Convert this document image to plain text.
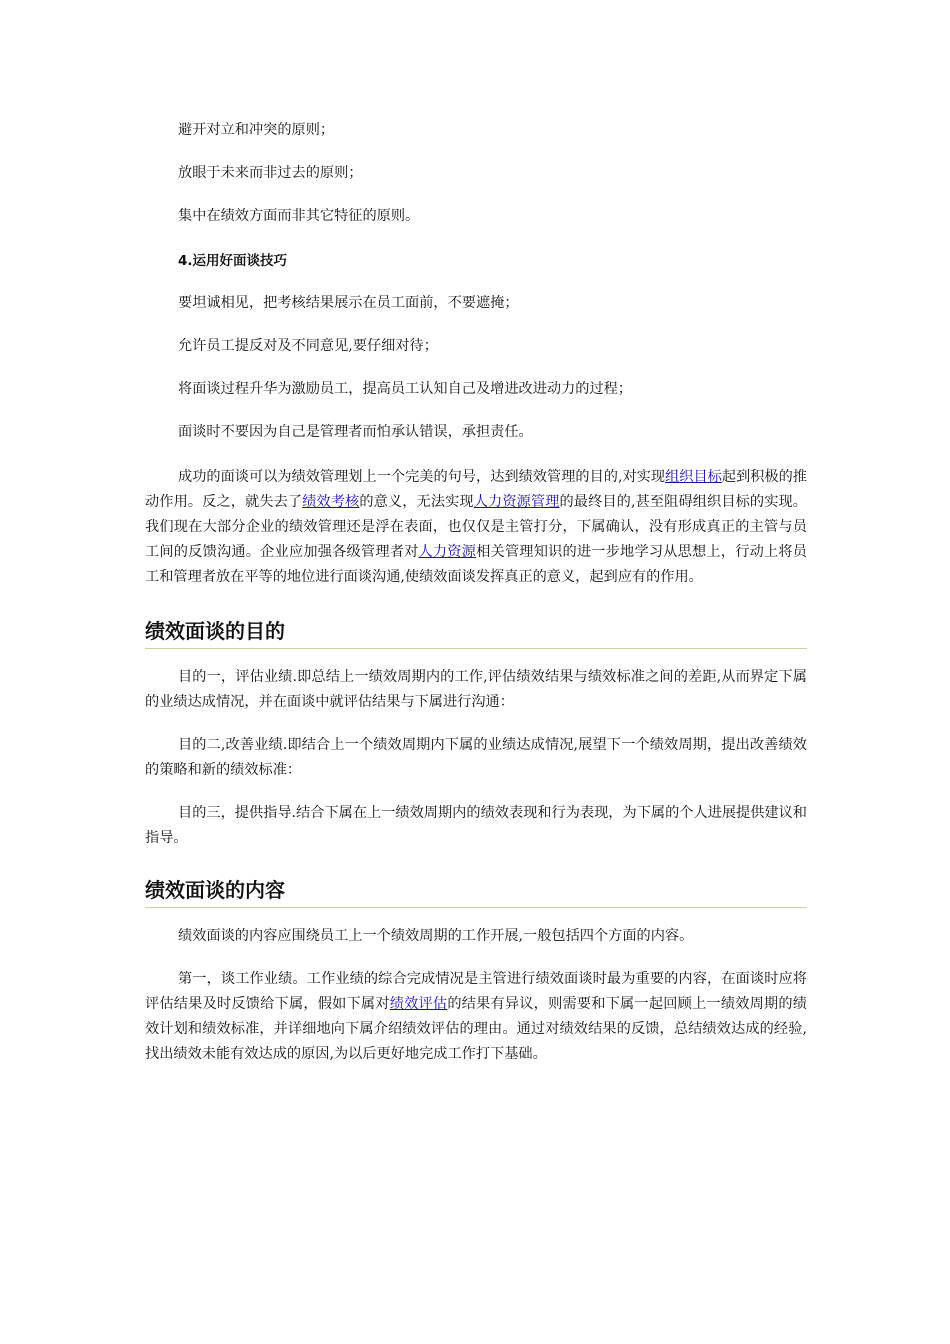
避开对立和冲突的原则；

放眼于未来而非过去的原则；

集中在绩效方面而非其它特征的原则。

4.运用好面谈技巧

要坦诚相见，把考核结果展示在员工面前，不要遮掩；

允许员工提反对及不同意见,要仔细对待；

将面谈过程升华为激励员工，提高员工认知自己及增进改进动力的过程；

面谈时不要因为自己是管理者而怕承认错误，承担责任。

成功的面谈可以为绩效管理划上一个完美的句号，达到绩效管理的目的,对实现组织目标起到积极的推动作用。反之，就失去了绩效考核的意义，无法实现人力资源管理的最终目的,甚至阻碍组织目标的实现。我们现在大部分企业的绩效管理还是浮在表面，也仅仅是主管打分，下属确认，没有形成真正的主管与员工间的反馈沟通。企业应加强各级管理者对人力资源相关管理知识的进一步地学习从思想上，行动上将员工和管理者放在平等的地位进行面谈沟通,使绩效面谈发挥真正的意义，起到应有的作用。

绩效面谈的目的

目的一，评估业绩.即总结上一绩效周期内的工作,评估绩效结果与绩效标准之间的差距,从而界定下属的业绩达成情况，并在面谈中就评估结果与下属进行沟通：

目的二,改善业绩.即结合上一个绩效周期内下属的业绩达成情况,展望下一个绩效周期，提出改善绩效的策略和新的绩效标准：

目的三，提供指导.结合下属在上一绩效周期内的绩效表现和行为表现，为下属的个人进展提供建议和指导。

绩效面谈的内容

绩效面谈的内容应围绕员工上一个绩效周期的工作开展,一般包括四个方面的内容。

第一，谈工作业绩。工作业绩的综合完成情况是主管进行绩效面谈时最为重要的内容，在面谈时应将评估结果及时反馈给下属，假如下属对绩效评估的结果有异议，则需要和下属一起回顾上一绩效周期的绩效计划和绩效标准，并详细地向下属介绍绩效评估的理由。通过对绩效结果的反馈，总结绩效达成的经验,找出绩效未能有效达成的原因,为以后更好地完成工作打下基础。
